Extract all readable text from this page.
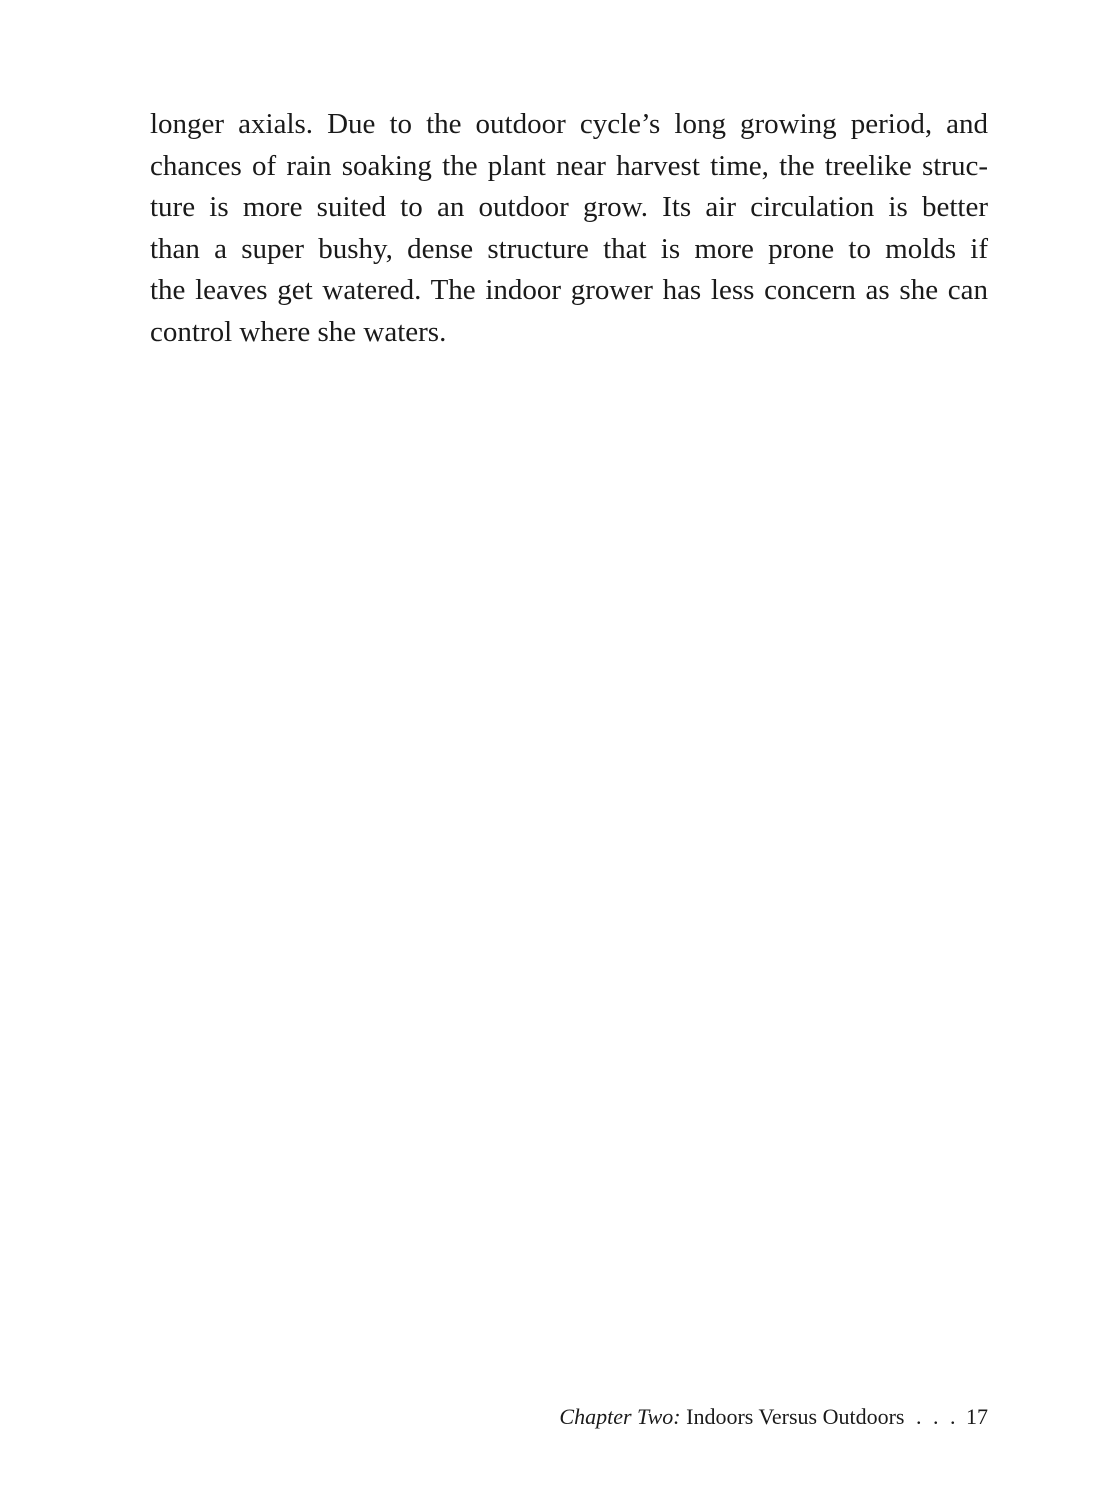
longer axials. Due to the outdoor cycle’s long growing period, and
chances of rain soaking the plant near harvest time, the treelike struc-
ture is more suited to an outdoor grow. Its air circulation is better
than a super bushy, dense structure that is more prone to molds if
the leaves get watered. The indoor grower has less concern as she can
control where she waters.
Chapter Two: Indoors Versus Outdoors . . . 17
